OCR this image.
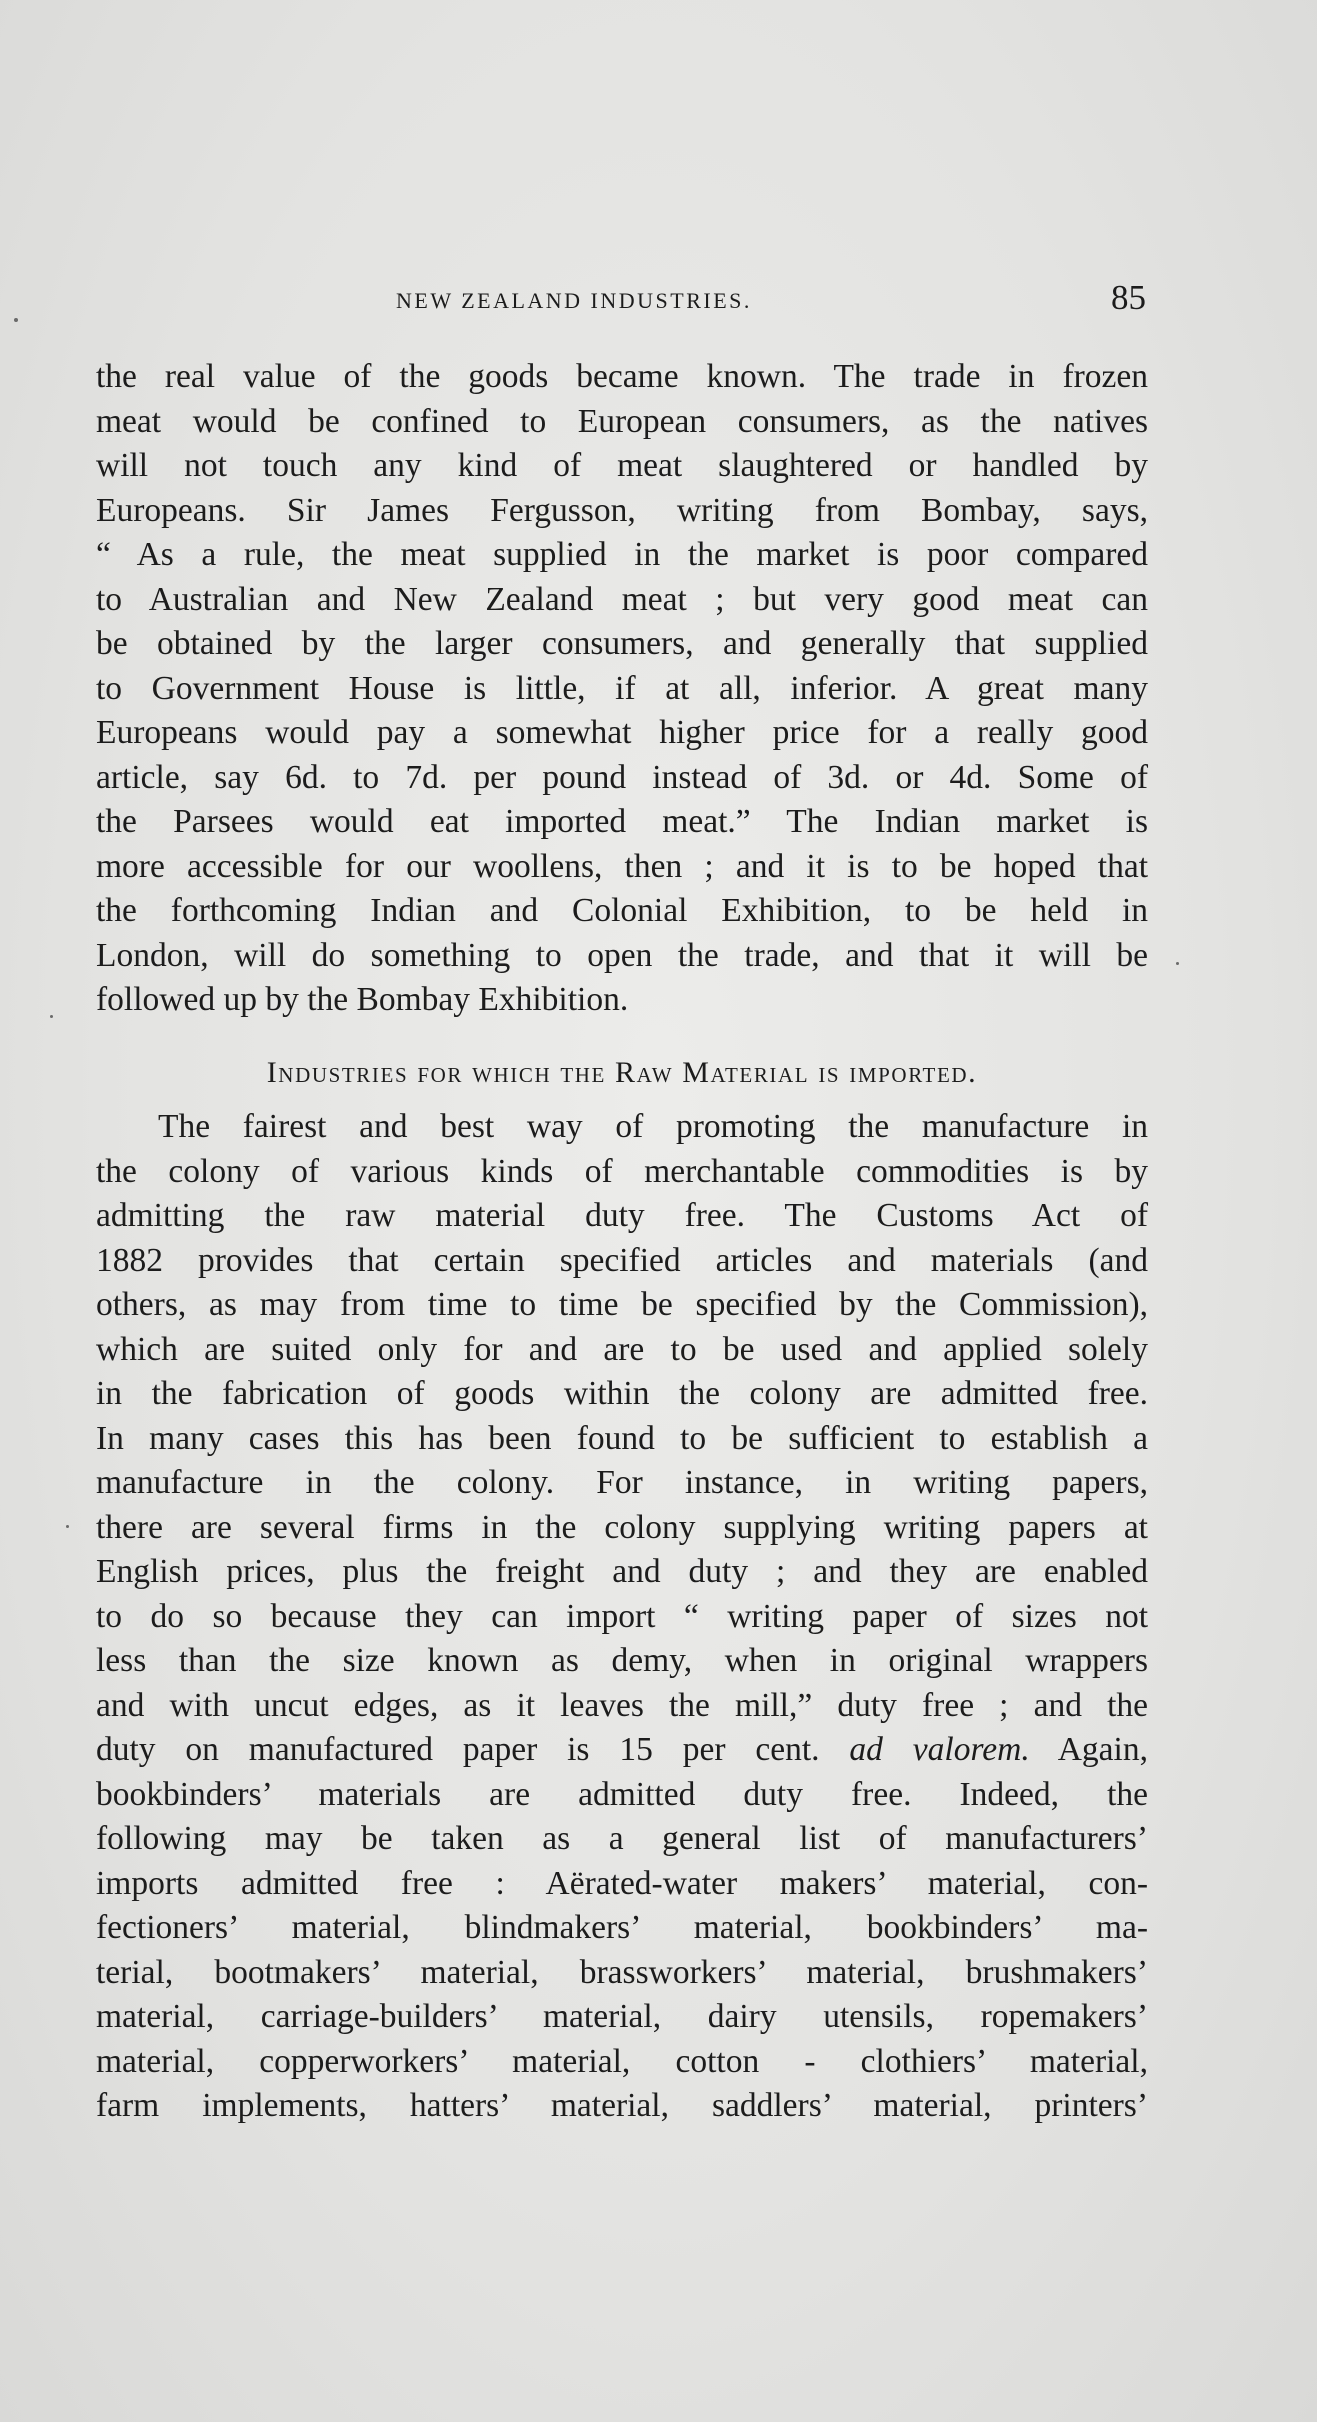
NEW ZEALAND INDUSTRIES.	85
the real value of the goods became known. The trade in frozen
meat would be confined to European consumers, as the natives
will not touch any kind of meat slaughtered or handled by
Europeans. Sir James Fergusson, writing from Bombay, says,
“ As a rule, the meat supplied in the market is poor compared
to Australian and New Zealand meat ; but very good meat can
be obtained by the larger consumers, and generally that supplied
to Government House is little, if at all, inferior. A great many
Europeans would pay a somewhat higher price for a really good
article, say 6d. to 7d. per pound instead of 3d. or 4d. Some of
the Parsees would eat imported meat.” The Indian market is
more accessible for our woollens, then ; and it is to be hoped that
the forthcoming Indian and Colonial Exhibition, to be held in
London, will do something to open the trade, and that it will be
followed up by the Bombay Exhibition.
Industries for which the Raw Material is imported.
The fairest and best way of promoting the manufacture in
the colony of various kinds of merchantable commodities is by
admitting the raw material duty free. The Customs Act of
1882 provides that certain specified articles and materials (and
others, as may from time to time be specified by the Commission),
which are suited only for and are to be used and applied solely
in the fabrication of goods within the colony are admitted free.
In many cases this has been found to be sufficient to establish a
manufacture in the colony. For instance, in writing papers,
there are several firms in the colony supplying writing papers at
English prices, plus the freight and duty ; and they are enabled
to do so because they can import “ writing paper of sizes not
less than the size known as demy, when in original wrappers
and with uncut edges, as it leaves the mill,” duty free ; and the
duty on manufactured paper is 15 per cent. ad valorem. Again,
bookbinders’ materials are admitted duty free. Indeed, the
following may be taken as a general list of manufacturers’
imports admitted free : Aërated-water makers’ material, con-
fectioners’ material, blindmakers’ material, bookbinders’ ma-
terial, bootmakers’ material, brassworkers’ material, brushmakers’
material, carriage-builders’ material, dairy utensils, ropemakers’
material, copperworkers’ material, cotton - clothiers’ material,
farm implements, hatters’ material, saddlers’ material, printers’
